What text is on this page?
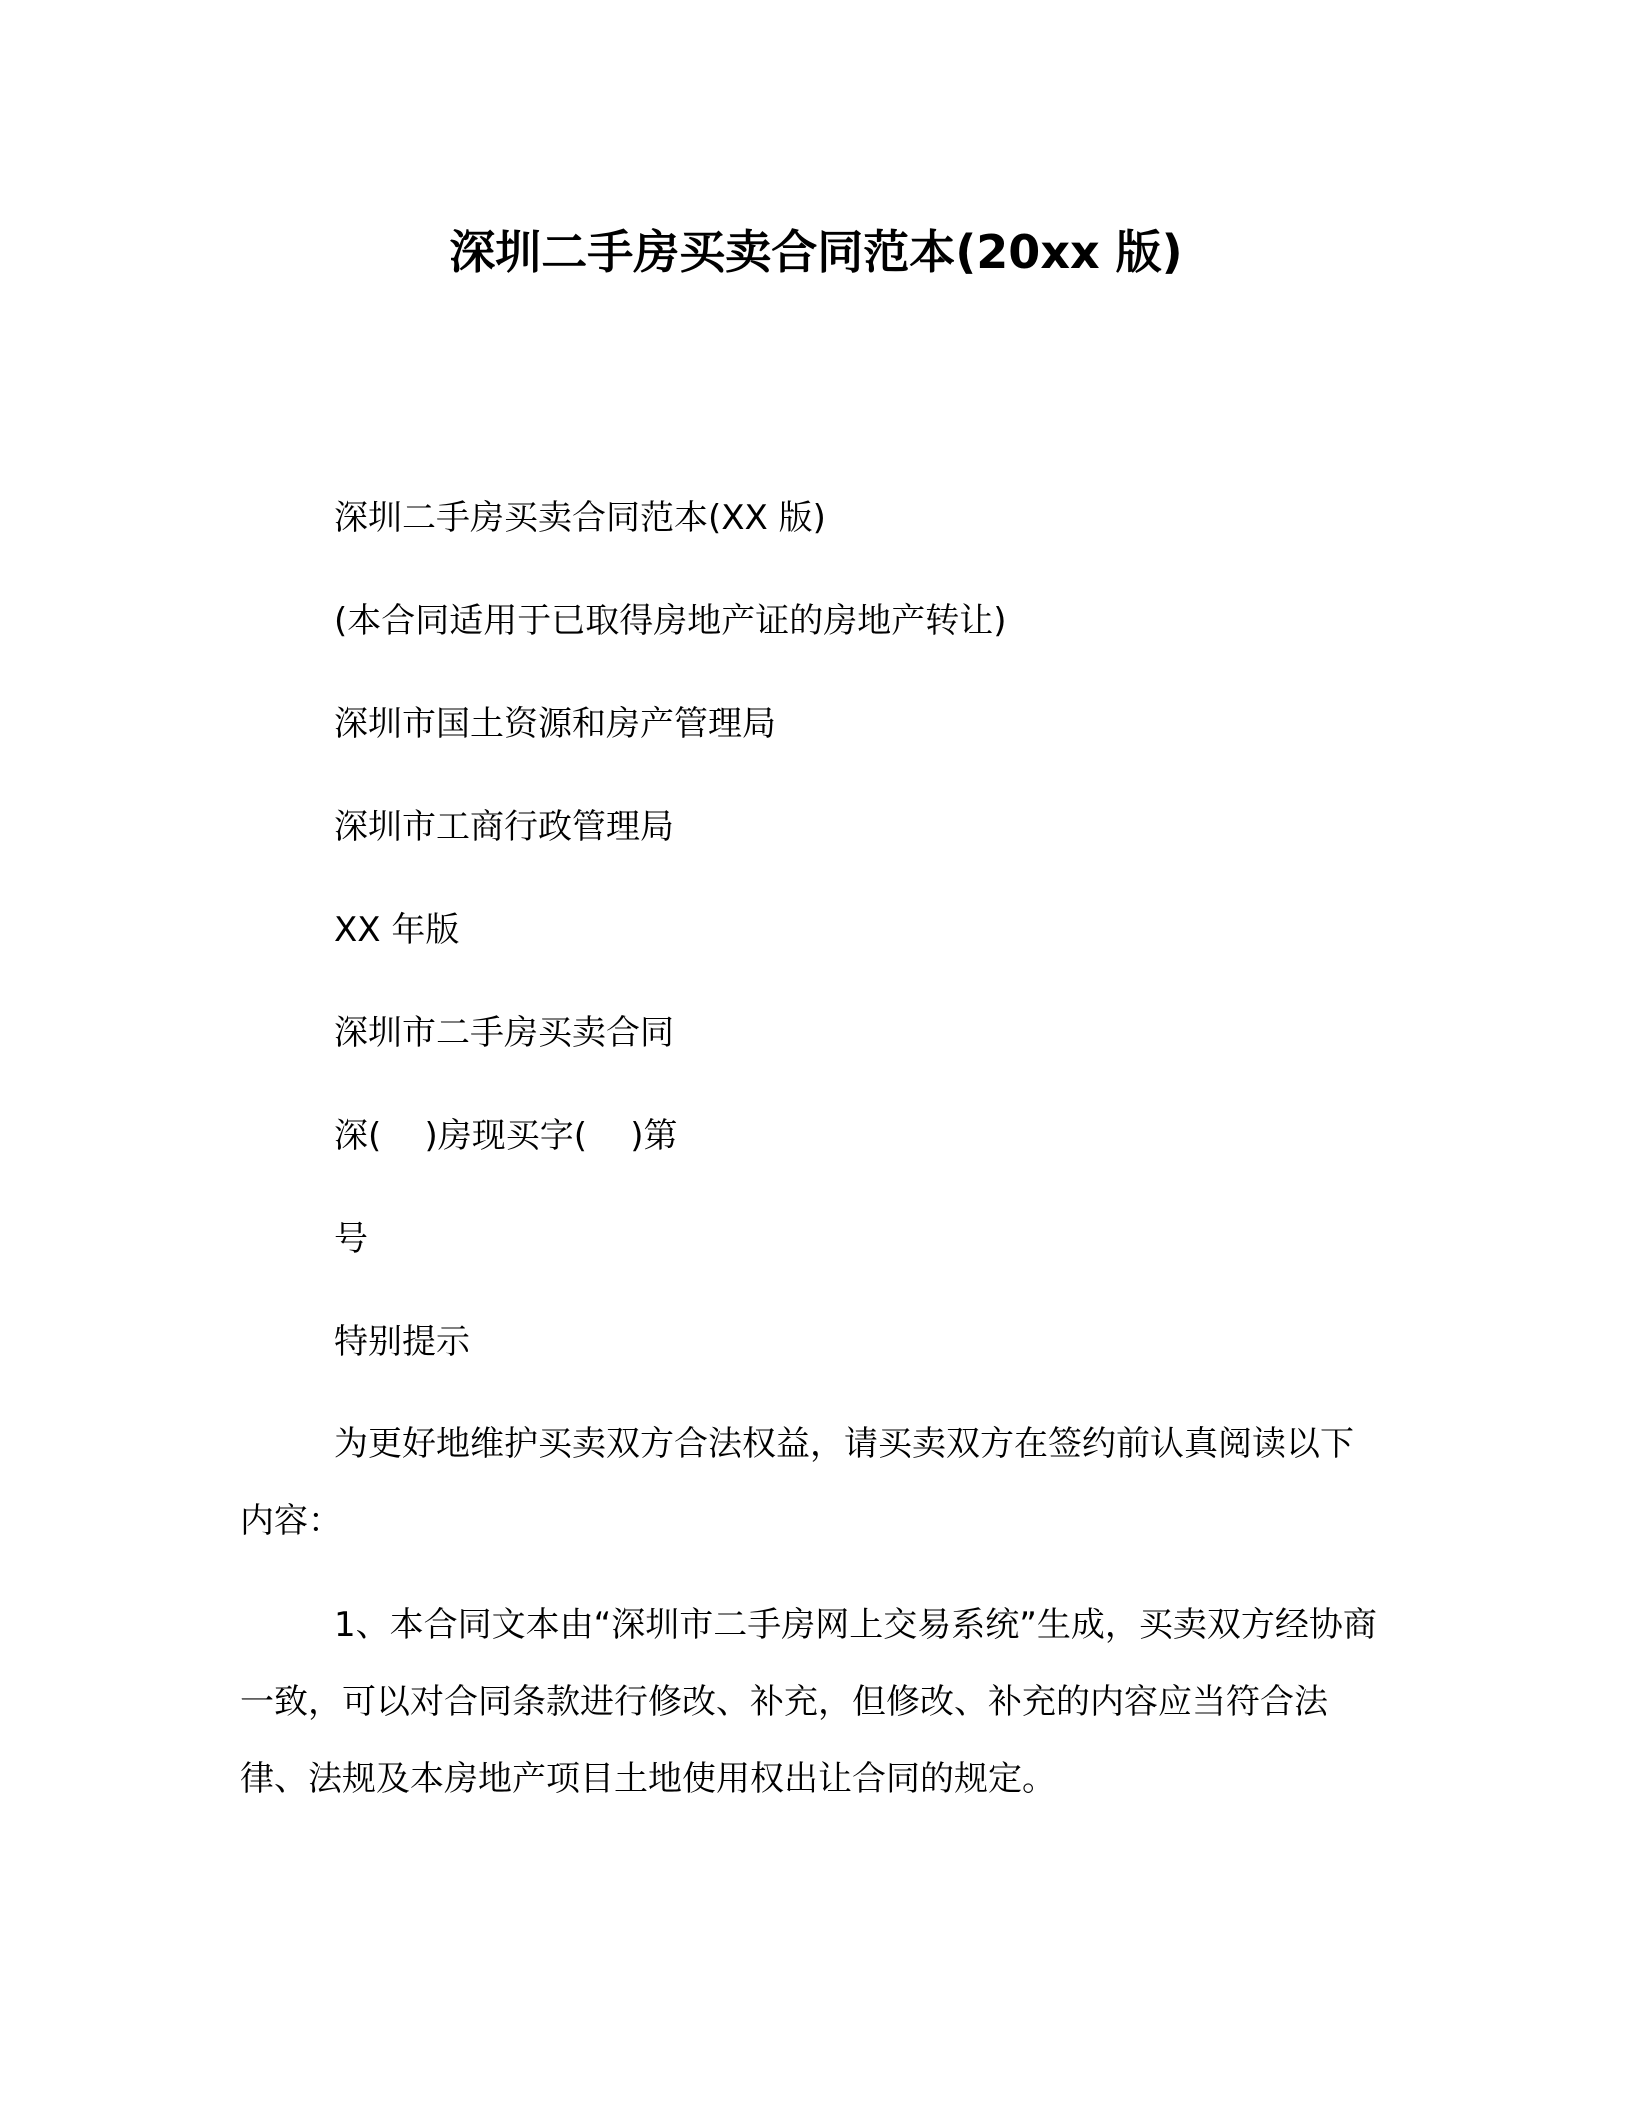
深圳二手房买卖合同范本(20xx 版)
深圳二手房买卖合同范本(XX 版)
(本合同适用于已取得房地产证的房地产转让)
深圳市国土资源和房产管理局
深圳市工商行政管理局
XX 年版
深圳市二手房买卖合同
深(    )房现买字(    )第
号
特别提示

为更好地维护买卖双方合法权益，请买卖双方在签约前认真阅读以下内容：

1、本合同文本由“深圳市二手房网上交易系统”生成，买卖双方经协商一致，可以对合同条款进行修改、补充，但修改、补充的内容应当符合法律、法规及本房地产项目土地使用权出让合同的规定。
